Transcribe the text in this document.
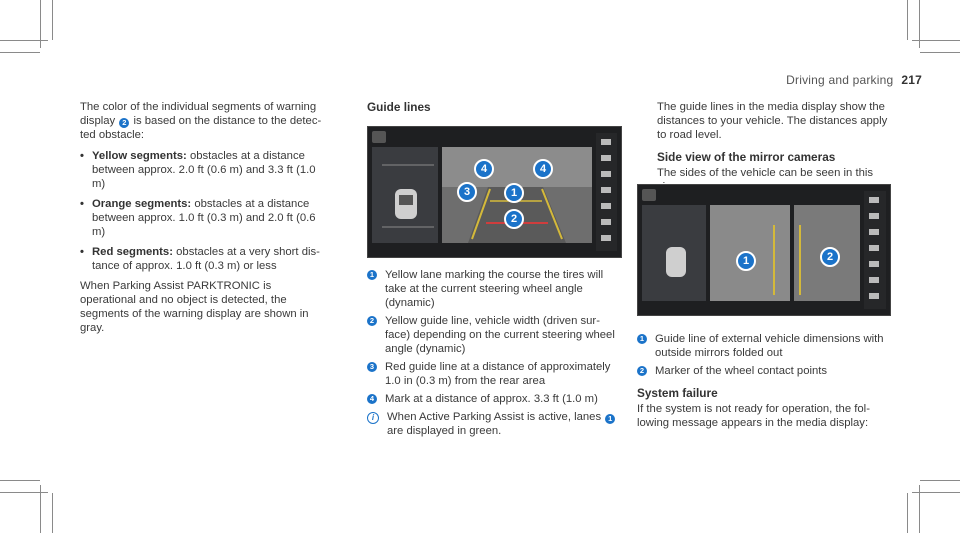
Driving and parking 217

The color of the individual segments of warning display 2 is based on the distance to the detec-ted obstacle:

• Yellow segments: obstacles at a distance between approx. 2.0 ft (0.6 m) and 3.3 ft (1.0 m)
• Orange segments: obstacles at a distance between approx. 1.0 ft (0.3 m) and 2.0 ft (0.6 m)
• Red segments: obstacles at a very short dis-tance of approx. 1.0 ft (0.3 m) or less

When Parking Assist PARKTRONIC is operational and no object is detected, the segments of the warning display are shown in gray.

Guide lines
4	4
3	1
2
1 Yellow lane marking the course the tires will take at the current steering wheel angle (dynamic)
2 Yellow guide line, vehicle width (driven sur-face) depending on the current steering wheel angle (dynamic)
3 Red guide line at a distance of approximately 1.0 in (0.3 m) from the rear area
4 Mark at a distance of approx. 3.3 ft (1.0 m)
i	When Active Parking Assist is active, lanes 1 are displayed in green.

The guide lines in the media display show the distances to your vehicle. The distances apply to road level.

Side view of the mirror cameras

The sides of the vehicle can be seen in this

1	2
1 Guide line of external vehicle dimensions with outside mirrors folded out
2 Marker of the wheel contact points
System failure

If the system is not ready for operation, the fol-lowing message appears in the media display:
